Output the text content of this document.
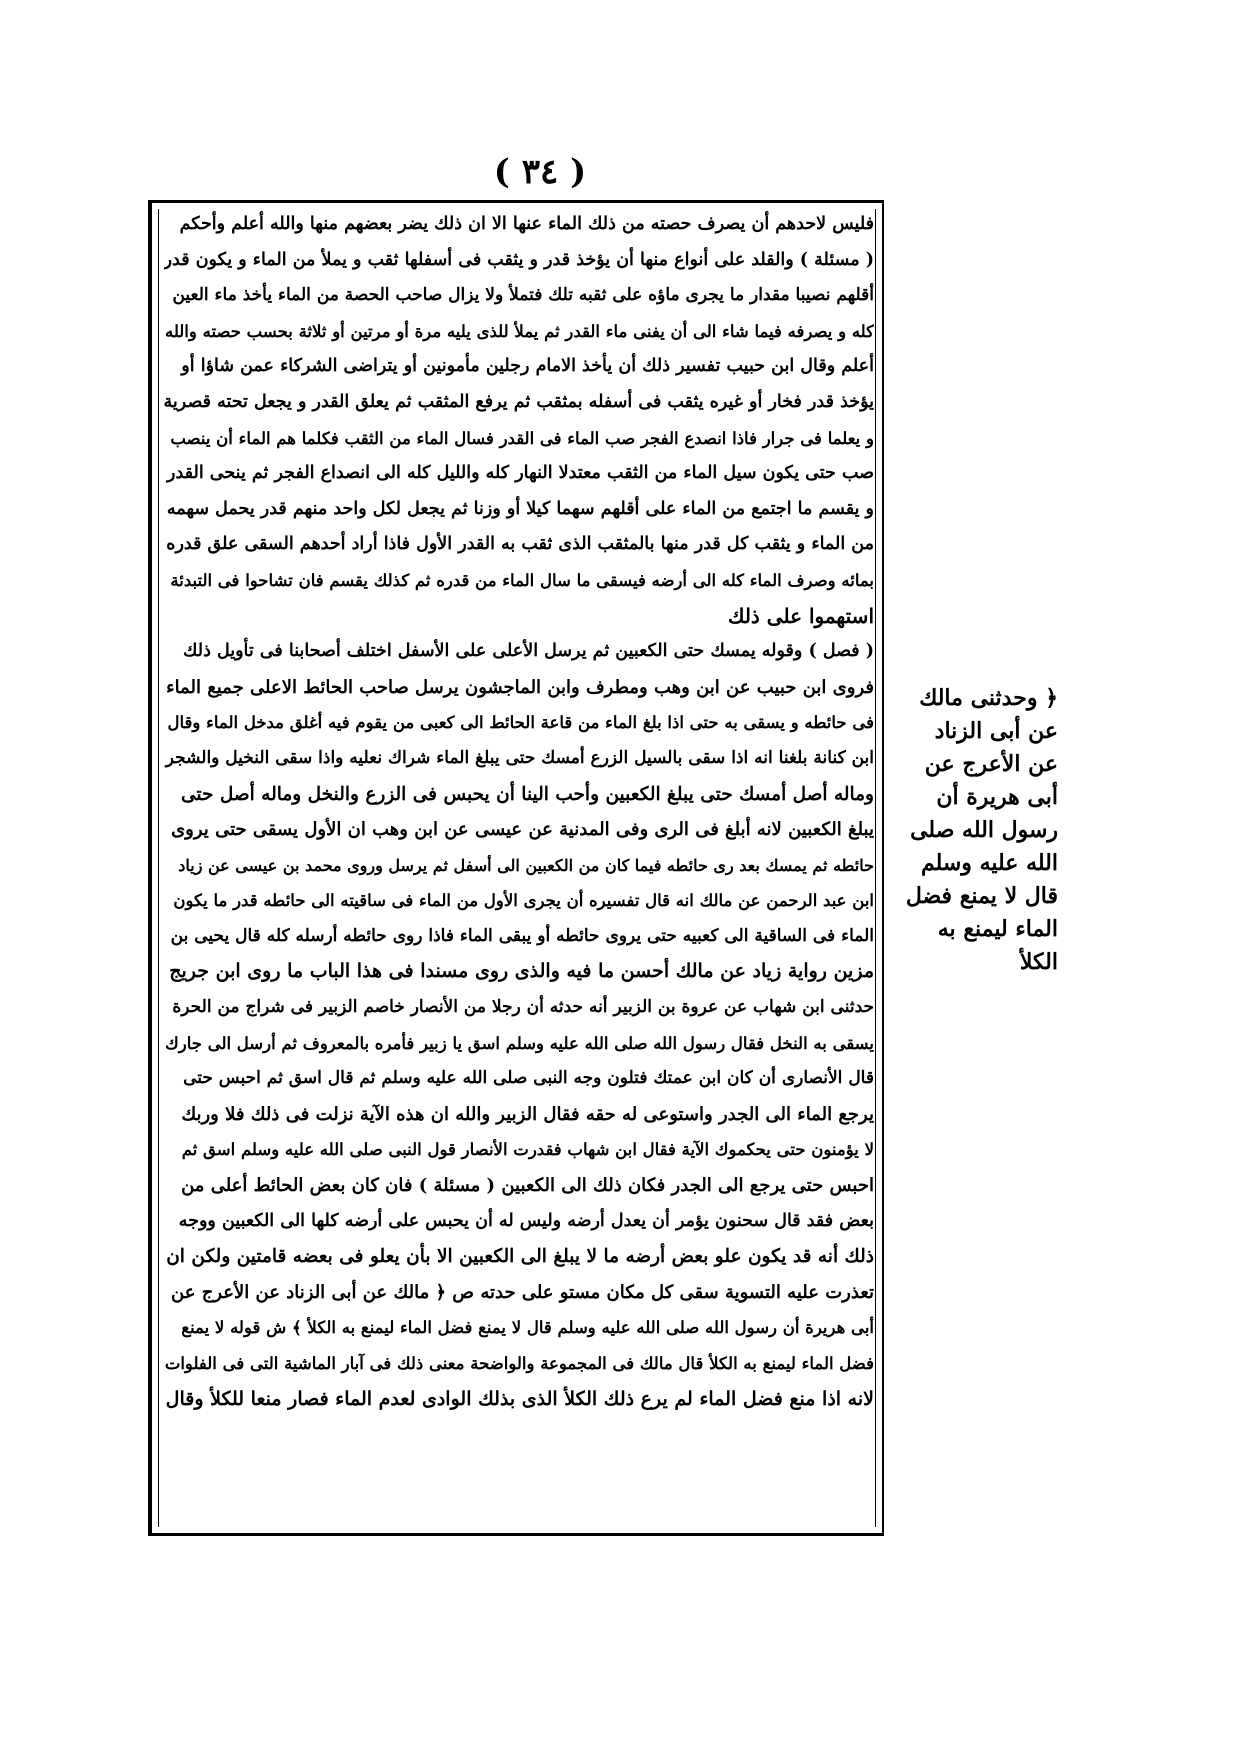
( ٣٤ )
فليس لاحدهم أن يصرف حصته من ذلك الماء عنها الا ان ذلك يضر بعضهم منها والله أعلم وأحكم
( مسئلة ) والقلد على أنواع منها أن يؤخذ قدر و يثقب فى أسفلها ثقب و يملأ من الماء و يكون قدر
أقلهم نصيبا مقدار ما يجرى ماؤه على ثقبه تلك فتملأ ولا يزال صاحب الحصة من الماء يأخذ ماء العين
كله و يصرفه فيما شاء الى أن يفنى ماء القدر ثم يملأ للذى يليه مرة أو مرتين أو ثلاثة بحسب حصته والله
أعلم وقال ابن حبيب تفسير ذلك أن يأخذ الامام رجلين مأمونين أو يتراضى الشركاء عمن شاؤا أو
يؤخذ قدر فخار أو غيره يثقب فى أسفله بمثقب ثم يرفع المثقب ثم يعلق القدر و يجعل تحته قصرية
و يعلما فى جرار فاذا انصدع الفجر صب الماء فى القدر فسال الماء من الثقب فكلما هم الماء أن ينصب
صب حتى يكون سيل الماء من الثقب معتدلا النهار كله والليل كله الى انصداع الفجر ثم ينحى القدر
و يقسم ما اجتمع من الماء على أقلهم سهما كيلا أو وزنا ثم يجعل لكل واحد منهم قدر يحمل سهمه
من الماء و يثقب كل قدر منها بالمثقب الذى ثقب به القدر الأول فاذا أراد أحدهم السقى علق قدره
بمائه وصرف الماء كله الى أرضه فيسقى ما سال الماء من قدره ثم كذلك يقسم فان تشاحوا فى التبدئة
استهموا على ذلك
( فصل ) وقوله يمسك حتى الكعبين ثم يرسل الأعلى على الأسفل اختلف أصحابنا فى تأويل ذلك
فروى ابن حبيب عن ابن وهب ومطرف وابن الماجشون يرسل صاحب الحائط الاعلى جميع الماء
فى حائطه و يسقى به حتى اذا بلغ الماء من قاعة الحائط الى كعبى من يقوم فيه أغلق مدخل الماء وقال
ابن كنانة بلغنا انه اذا سقى بالسيل الزرع أمسك حتى يبلغ الماء شراك نعليه واذا سقى النخيل والشجر
وماله أصل أمسك حتى يبلغ الكعبين وأحب الينا أن يحبس فى الزرع والنخل وماله أصل حتى
يبلغ الكعبين لانه أبلغ فى الرى وفى المدنية عن عيسى عن ابن وهب ان الأول يسقى حتى يروى
حائطه ثم يمسك بعد رى حائطه فيما كان من الكعبين الى أسفل ثم يرسل وروى محمد بن عيسى عن زياد
ابن عبد الرحمن عن مالك انه قال تفسيره أن يجرى الأول من الماء فى ساقيته الى حائطه قدر ما يكون
الماء فى الساقية الى كعبيه حتى يروى حائطه أو يبقى الماء فاذا روى حائطه أرسله كله قال يحيى بن
مزين رواية زياد عن مالك أحسن ما فيه والذى روى مسندا فى هذا الباب ما روى ابن جريج
حدثنى ابن شهاب عن عروة بن الزبير أنه حدثه أن رجلا من الأنصار خاصم الزبير فى شراج من الحرة
يسقى به النخل فقال رسول الله صلى الله عليه وسلم اسق يا زبير فأمره بالمعروف ثم أرسل الى جارك
قال الأنصارى أن كان ابن عمتك فتلون وجه النبى صلى الله عليه وسلم ثم قال اسق ثم احبس حتى
يرجع الماء الى الجدر واستوعى له حقه فقال الزبير والله ان هذه الآية نزلت فى ذلك فلا وربك
لا يؤمنون حتى يحكموك الآية فقال ابن شهاب فقدرت الأنصار قول النبى صلى الله عليه وسلم اسق ثم
احبس حتى يرجع الى الجدر فكان ذلك الى الكعبين ( مسئلة ) فان كان بعض الحائط أعلى من
بعض فقد قال سحنون يؤمر أن يعدل أرضه وليس له أن يحبس على أرضه كلها الى الكعبين ووجه
ذلك أنه قد يكون علو بعض أرضه ما لا يبلغ الى الكعبين الا بأن يعلو فى بعضه قامتين ولكن ان
تعذرت عليه التسوية سقى كل مكان مستو على حدته ص ﴿ مالك عن أبى الزناد عن الأعرج عن
أبى هريرة أن رسول الله صلى الله عليه وسلم قال لا يمنع فضل الماء ليمنع به الكلأ ﴾ ش قوله لا يمنع
فضل الماء ليمنع به الكلأ قال مالك فى المجموعة والواضحة معنى ذلك فى آبار الماشية التى فى الفلوات
لانه اذا منع فضل الماء لم يرع ذلك الكلأ الذى بذلك الوادى لعدم الماء فصار منعا للكلأ وقال
﴿ وحدثنى مالك عن أبى الزناد عن الأعرج عن أبى هريرة أن رسول الله صلى الله عليه وسلم قال لا يمنع فضل الماء ليمنع به الكلأ
